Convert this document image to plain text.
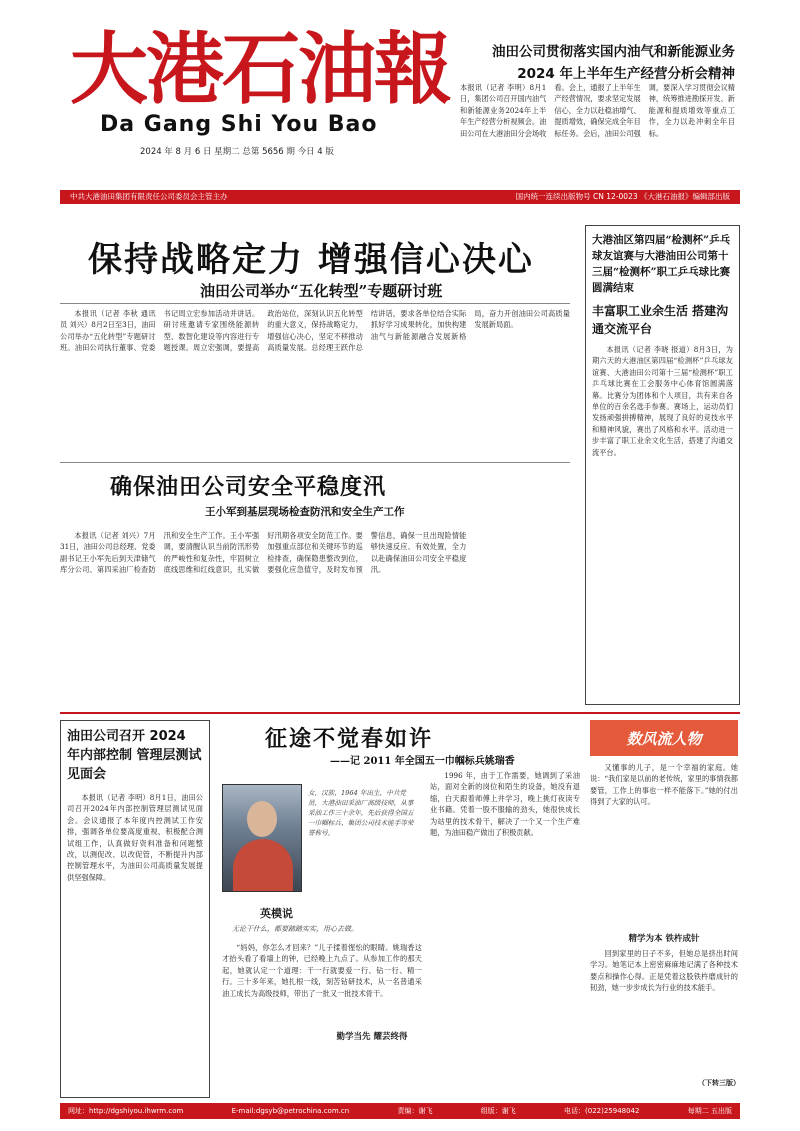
大港石油報
Da Gang Shi You Bao
2024 年 8 月 6 日 星期二 总第 5656 期 今日 4 版
油田公司贯彻落实国内油气和新能源业务
2024 年上半年生产经营分析会精神
本报讯（记者 李明）8月1日，集团公司召开国内油气和新能源业务2024年上半年生产经营分析视频会。油田公司在大港油田分会场收看。会上，通报了上半年生产经营情况，要求坚定发展信心，全力以赴稳油增气、提质增效，确保完成全年目标任务。会后，油田公司强调，要深入学习贯彻会议精神，统筹推进勘探开发、新能源和提质增效等重点工作，全力以赴冲刺全年目标。
中共大港油田集团有限责任公司委员会主管主办	国内统一连续出版物号 CN 12-0023 《大港石油报》编辑部出版
保持战略定力 增强信心决心
油田公司举办“五化转型”专题研讨班

本报讯（记者 李秋 通讯员 刘兴）8月2日至3日，油田公司举办“五化转型”专题研讨班。油田公司执行董事、党委书记周立宏参加活动并讲话。研讨班邀请专家围绕能源转型、数智化建设等内容进行专题授课。周立宏强调，要提高政治站位，深刻认识五化转型的重大意义，保持战略定力，增强信心决心，坚定不移推动高质量发展。总经理王跃作总结讲话，要求各单位结合实际抓好学习成果转化，加快构建油气与新能源融合发展新格局，奋力开创油田公司高质量发展新局面。

大港油区第四届“检测杯”乒乓球友谊赛与大港油田公司第十三届“检测杯”职工乒乓球比赛圆满结束
丰富职工业余生活 搭建沟通交流平台
本报讯（记者 李晓 报道）8月3日，为期六天的大港油区第四届“检测杯”乒乓球友谊赛、大港油田公司第十三届“检测杯”职工乒乓球比赛在工会服务中心体育馆圆满落幕。比赛分为团体和个人项目，共有来自各单位的百余名选手参赛。赛场上，运动员们发扬顽强拼搏精神，展现了良好的竞技水平和精神风貌，赛出了风格和水平。活动进一步丰富了职工业余文化生活，搭建了沟通交流平台。
确保油田公司安全平稳度汛
王小军到基层现场检查防汛和安全生产工作

本报讯（记者 刘兴）7月31日，油田公司总经理、党委副书记王小军先后到天津储气库分公司、第四采油厂检查防汛和安全生产工作。王小军强调，要清醒认识当前防汛形势的严峻性和复杂性，牢固树立底线思维和红线意识，扎实做好汛期各项安全防范工作。要加强重点部位和关键环节的巡检排查，确保隐患整改到位，要强化应急值守，及时发布预警信息，确保一旦出现险情能够快速反应、有效处置，全力以赴确保油田公司安全平稳度汛。

油田公司召开 2024 年内部控制 管理层测试见面会
本报讯（记者 李明）8月1日，油田公司召开2024年内部控制管理层测试见面会。会议通报了本年度内控测试工作安排，强调各单位要高度重视，积极配合测试组工作，认真做好资料准备和问题整改，以测促改、以改促管，不断提升内部控制管理水平，为油田公司高质量发展提供坚强保障。
征途不觉春如许
——记 2011 年全国五一巾帼标兵姚瑞香
女，汉族，1964 年出生，中共党员，大港油田采油厂高级技师，从事采油工作三十余年，先后获得全国五一巾帼标兵、集团公司技术能手等荣誉称号。
英模说
无论干什么，都要踏踏实实，用心去做。

“妈妈，你怎么才回来？”儿子揉着惺忪的眼睛。姚瑞香这才抬头看了看墙上的钟，已经晚上九点了。从参加工作的那天起，她就认定一个道理：干一行就要爱一行、钻一行、精一行。三十多年来，她扎根一线，刻苦钻研技术，从一名普通采油工成长为高级技师，带出了一批又一批技术骨干。

勤学当先 耀芸终得

1996 年，由于工作需要，她调到了采油站，面对全新的岗位和陌生的设备，她没有退缩，白天跟着师傅上井学习，晚上挑灯夜读专业书籍。凭着一股不服输的劲头，她很快成长为站里的技术骨干，解决了一个又一个生产难题，为油田稳产做出了积极贡献。

数风流人物
又懂事的儿子，是一个幸福的家庭。她说：“我们家是以前的老传统，家里的事情我都要管，工作上的事也一样不能落下。”她的付出得到了大家的认可。
精学为本 铁杵成针
回到家里的日子不多，但她总是挤出时间学习。她笔记本上密密麻麻地记满了各种技术要点和操作心得。正是凭着这股铁杵磨成针的韧劲，她一步步成长为行业的技术能手。
（下转三版）
网址：http://dgshiyou.ihwrm.com	E-mail:dgsyb@petrochina.com.cn	责编：谢飞	组版：谢飞	电话：(022)25948042	每期二 五出版
